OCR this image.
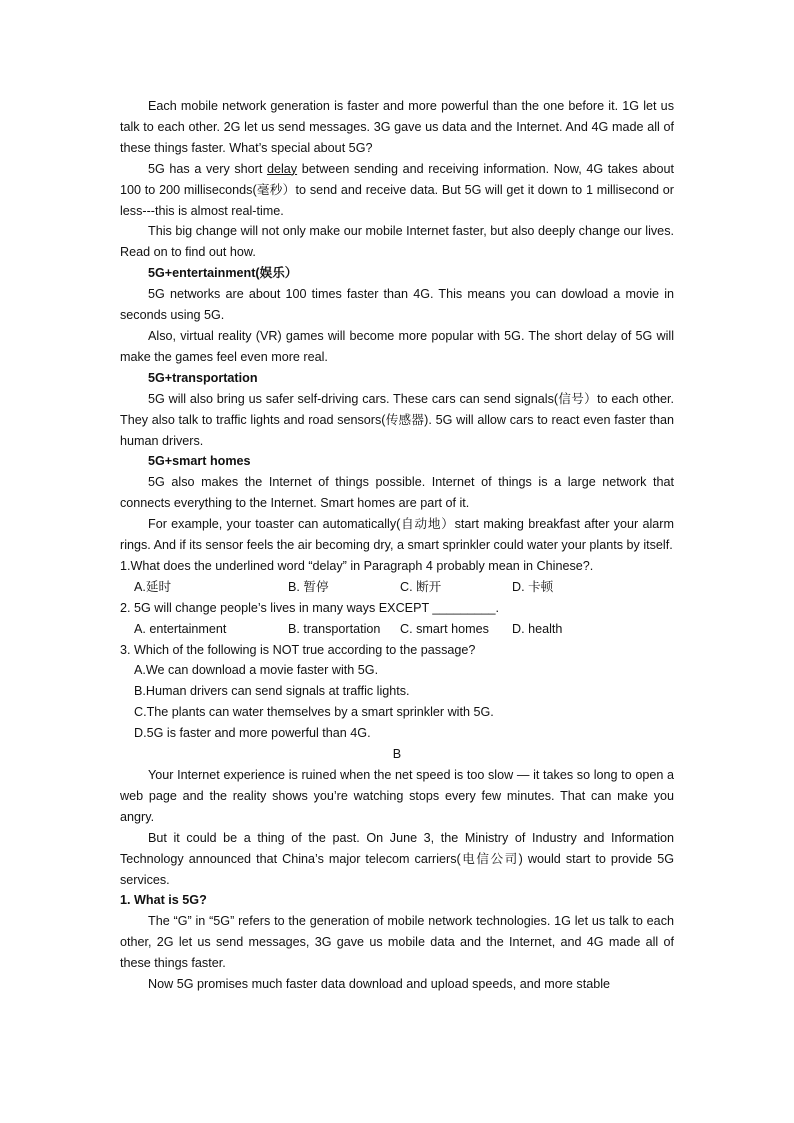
Each mobile network generation is faster and more powerful than the one before it. 1G let us talk to each other. 2G let us send messages. 3G gave us data and the Internet. And 4G made all of these things faster. What’s special about 5G?

5G has a very short delay between sending and receiving information. Now, 4G takes about 100 to 200 milliseconds(毫秒）to send and receive data. But 5G will get it down to 1 millisecond or less---this is almost real-time.

This big change will not only make our mobile Internet faster, but also deeply change our lives. Read on to find out how.

5G+entertainment(娱乐）

5G networks are about 100 times faster than 4G. This means you can dowload a movie in seconds using 5G.

Also, virtual reality (VR) games will become more popular with 5G. The short delay of 5G will make the games feel even more real.

5G+transportation

5G will also bring us safer self-driving cars. These cars can send signals(信号）to each other. They also talk to traffic lights and road sensors(传感器). 5G will allow cars to react even faster than human drivers.

5G+smart homes

5G also makes the Internet of things possible. Internet of things is a large network that connects everything to the Internet. Smart homes are part of it.

For example, your toaster can automatically(自动地）start making breakfast after your alarm rings. And if its sensor feels the air becoming dry, a smart sprinkler could water your plants by itself.

1.What does the underlined word “delay” in Paragraph 4 probably mean in Chinese?.

A.延时	B. 暂停	C. 断开	D. 卡顿

2. 5G will change people’s lives in many ways EXCEPT _________.

A. entertainment	B. transportation	C. smart homes	D. health

3. Which of the following is NOT true according to the passage?

A.We can download a movie faster with 5G.

B.Human drivers can send signals at traffic lights.

C.The plants can water themselves by a smart sprinkler with 5G.

D.5G is faster and more powerful than 4G.

B

Your Internet experience is ruined when the net speed is too slow — it takes so long to open a web page and the reality shows you’re watching stops every few minutes. That can make you angry.

But it could be a thing of the past. On June 3, the Ministry of Industry and Information Technology announced that China’s major telecom carriers(电信公司) would start to provide 5G services.

1. What is 5G?

The “G” in “5G” refers to the generation of mobile network technologies. 1G let us talk to each other, 2G let us send messages, 3G gave us mobile data and the Internet, and 4G made all of these things faster.

Now 5G promises much faster data download and upload speeds, and more stable
